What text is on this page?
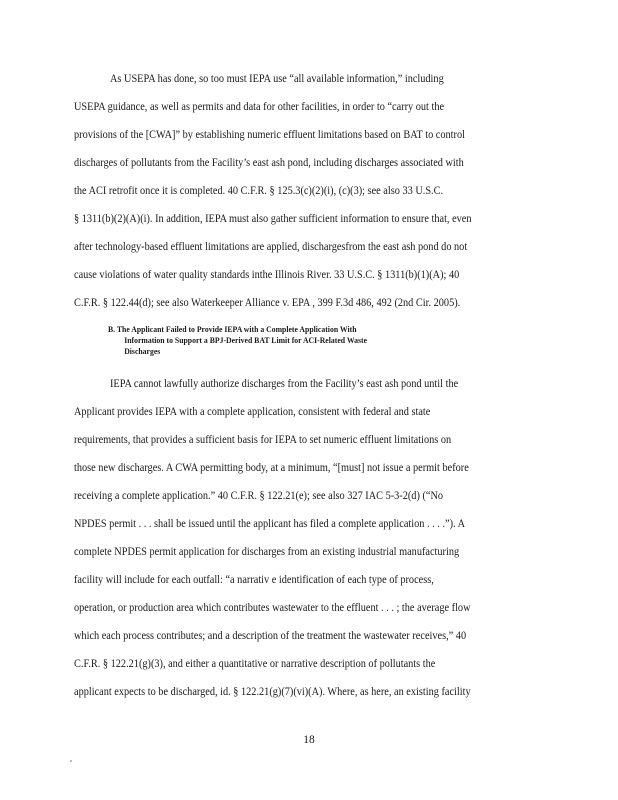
As USEPA has done, so too must IEPA use “all available information,” including
USEPA guidance, as well as permits and data for other facilities, in order to “carry out the
provisions of the [CWA]” by establishing numeric effluent limitations based on BAT to control
discharges of pollutants from the Facility’s east ash pond, including discharges associated with
the ACI retrofit once it is completed. 40 C.F.R. § 125.3(c)(2)(i), (c)(3); see also 33 U.S.C.
§ 1311(b)(2)(A)(i). In addition, IEPA must also gather sufficient information to ensure that, even
after technology-based effluent limitations are applied, dischargesfrom the east ash pond do not
cause violations of water quality standards inthe Illinois River. 33 U.S.C. § 1311(b)(1)(A); 40
C.F.R. § 122.44(d); see also Waterkeeper Alliance v. EPA , 399 F.3d 486, 492 (2nd Cir. 2005).
B. The Applicant Failed to Provide IEPA with a Complete Application With
Information to Support a BPJ-Derived BAT Limit for ACI-Related Waste
Discharges
IEPA cannot lawfully authorize discharges from the Facility’s east ash pond until the
Applicant provides IEPA with a complete application, consistent with federal and state
requirements, that provides a sufficient basis for IEPA to set numeric effluent limitations on
those new discharges. A CWA permitting body, at a minimum, “[must] not issue a permit before
receiving a complete application.” 40 C.F.R. § 122.21(e); see also 327 IAC 5-3-2(d) (“No
NPDES permit . . . shall be issued until the applicant has filed a complete application . . . .”). A
complete NPDES permit application for discharges from an existing industrial manufacturing
facility will include for each outfall: “a narrativ e identification of each type of process,
operation, or production area which contributes wastewater to the effluent . . . ; the average flow
which each process contributes; and a description of the treatment the wastewater receives,” 40
C.F.R. § 122.21(g)(3), and either a quantitative or narrative description of pollutants the
applicant expects to be discharged, id. § 122.21(g)(7)(vi)(A). Where, as here, an existing facility
18
